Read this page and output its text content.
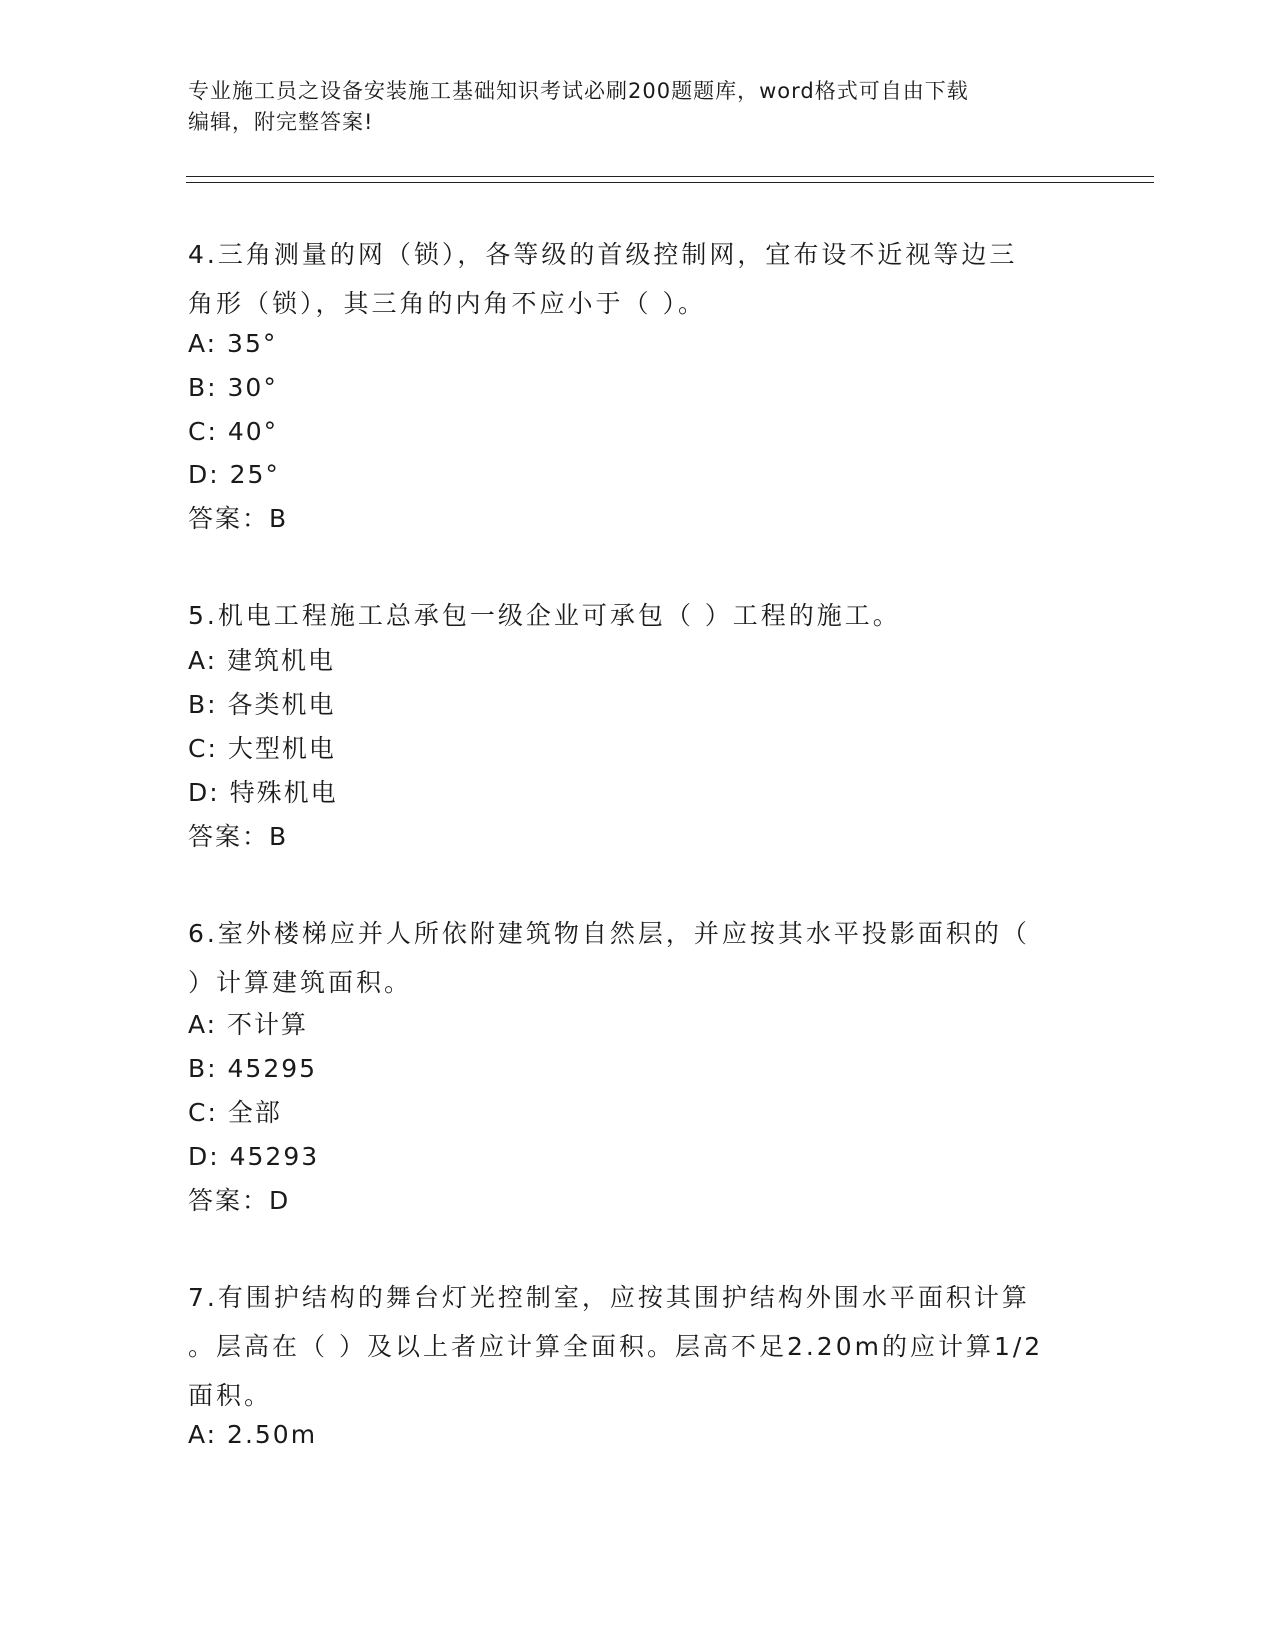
专业施工员之设备安装施工基础知识考试必刷200题题库，word格式可自由下载
编辑，附完整答案!
4.三角测量的网（锁），各等级的首级控制网，宜布设不近视等边三
角形（锁），其三角的内角不应小于（ ）。
A: 35°
B: 30°
C: 40°
D: 25°
答案：B
5.机电工程施工总承包一级企业可承包（ ）工程的施工。
A: 建筑机电
B: 各类机电
C: 大型机电
D: 特殊机电
答案：B
6.室外楼梯应并人所依附建筑物自然层，并应按其水平投影面积的（
）计算建筑面积。
A: 不计算
B: 45295
C: 全部
D: 45293
答案：D
7.有围护结构的舞台灯光控制室，应按其围护结构外围水平面积计算
。层高在（ ）及以上者应计算全面积。层高不足2.20m的应计算1/2
面积。
A: 2.50m
